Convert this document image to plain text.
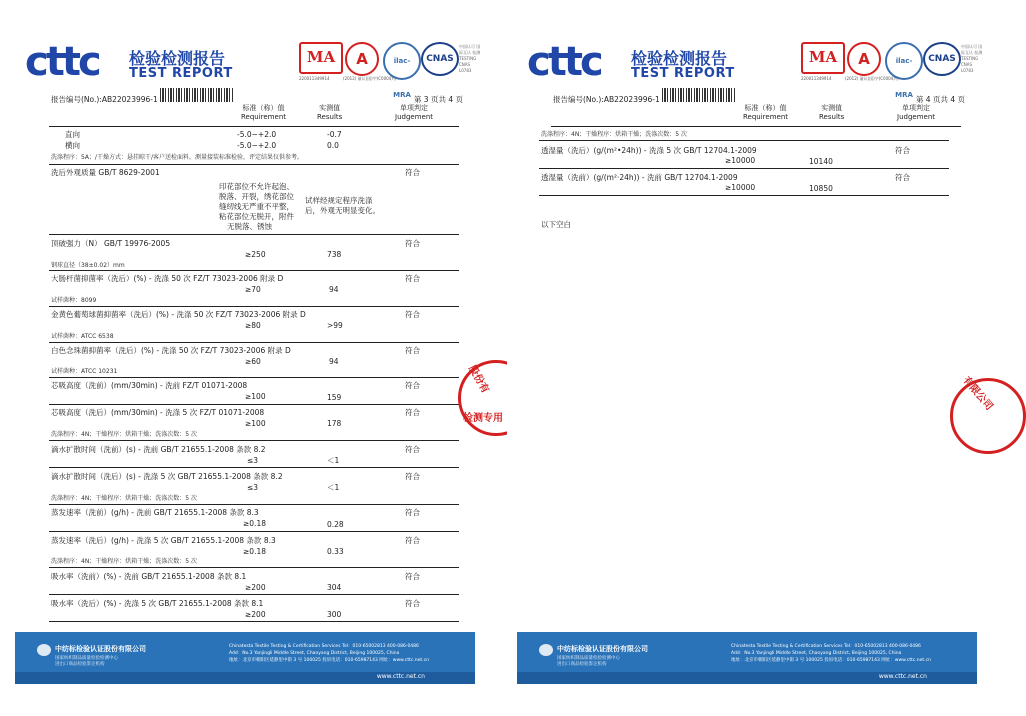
cttc 检验检测报告
TEST REPORT
MA	A	ilac-MRA
CNAS
中国认可 国际互认 检测 TESTING CNAS L0783
220011349914	(2012) 量认(国)字(C0004)号
报告编号(No.):AB22023996-1	第 3 页共 4 页
标准（称）值
Requirement
实测值
Results
单项判定
Judgement
直向	-5.0~+2.0	-0.7
横向	-5.0~+2.0	0.0
洗涤程序：5A；/干燥方式：悬挂晾干/客户送检面料，测量接装标准检验，评定结果仅供参考。
洗后外观质量 GB/T 8629-2001	符合
印花部位不允许起泡、
脱落、开裂，绣花部位
缝纫线无严重不平整，
粘花部位无脱开，附件
无脱落、锈蚀
试样经规定程序洗涤
后，外观无明显变化。
顶破强力（N） GB/T 19976-2005	符合
≥250	738
钢球直径（38±0.02）mm
大肠杆菌抑菌率（洗后）(%) - 洗涤 50 次 FZ/T 73023-2006 附录 D	符合
≥70	94
试样菌种：8099
金黄色葡萄球菌抑菌率（洗后）(%) - 洗涤 50 次 FZ/T 73023-2006 附录 D	符合
≥80	>99
试样菌种：ATCC 6538
白色念珠菌抑菌率（洗后）(%) - 洗涤 50 次 FZ/T 73023-2006 附录 D	符合
≥60	94
试样菌种：ATCC 10231
芯吸高度（洗前）(mm/30min) - 洗前 FZ/T 01071-2008	符合
≥100	159
芯吸高度（洗后）(mm/30min) - 洗涤 5 次 FZ/T 01071-2008	符合
≥100	178
洗涤程序：4N；干燥程序：烘箱干燥；洗涤次数：5 次
滴水扩散时间（洗前）(s) - 洗前 GB/T 21655.1-2008 条款 8.2	符合
≤3	＜1
滴水扩散时间（洗后）(s) - 洗涤 5 次 GB/T 21655.1-2008 条款 8.2	符合
≤3	＜1
洗涤程序：4N；干燥程序：烘箱干燥；洗涤次数：5 次
蒸发速率（洗前）(g/h) - 洗前 GB/T 21655.1-2008 条款 8.3	符合
≥0.18	0.28
蒸发速率（洗后）(g/h) - 洗涤 5 次 GB/T 21655.1-2008 条款 8.3	符合
≥0.18	0.33
洗涤程序：4N；干燥程序：烘箱干燥；洗涤次数：5 次
吸水率（洗前）(%) - 洗前 GB/T 21655.1-2008 条款 8.1	符合
≥200	304
吸水率（洗后）(%) - 洗涤 5 次 GB/T 21655.1-2008 条款 8.1	符合
≥200	300
股份有
检测专用
中纺标检验认证股份有限公司
国家纺织制品质量检验检测中心
进出口商品检验鉴定机构
Chinatesta Textile Testing & Certification Services Tel：010-65002813 400-086-0486
Add：No.3 Yanjingli Middle Street, Chaoyang District, Beijing 100025, China
地址：北京市朝阳区延静里中街 3 号 100025 投诉电话：010-65987143 网址：www.cttc.net.cn
www.cttc.net.cn
cttc 检验检测报告
TEST REPORT
MA	A	ilac-MRA
CNAS
中国认可 国际互认 检测 TESTING CNAS L0783
220011349914	(2012) 量认(国)字(C0004)号
报告编号(No.):AB22023996-1	第 4 页共 4 页
标准（称）值
Requirement
实测值
Results
单项判定
Judgement
洗涤程序：4N；干燥程序：烘箱干燥；洗涤次数：5 次
透湿量（洗后）(g/(m²•24h)) - 洗涤 5 次 GB/T 12704.1-2009	符合
≥10000	10140
透湿量（洗前）(g/(m²·24h)) - 洗前 GB/T 12704.1-2009	符合
≥10000	10850
以下空白
有限公司
中纺标检验认证股份有限公司
国家纺织制品质量检验检测中心
进出口商品检验鉴定机构
Chinatesta Textile Testing & Certification Services Tel：010-65002813 400-086-0486
Add：No.3 Yanjingli Middle Street, Chaoyang District, Beijing 100025, China
地址：北京市朝阳区延静里中街 3 号 100025 投诉电话：010-65987143 网址：www.cttc.net.cn
www.cttc.net.cn
